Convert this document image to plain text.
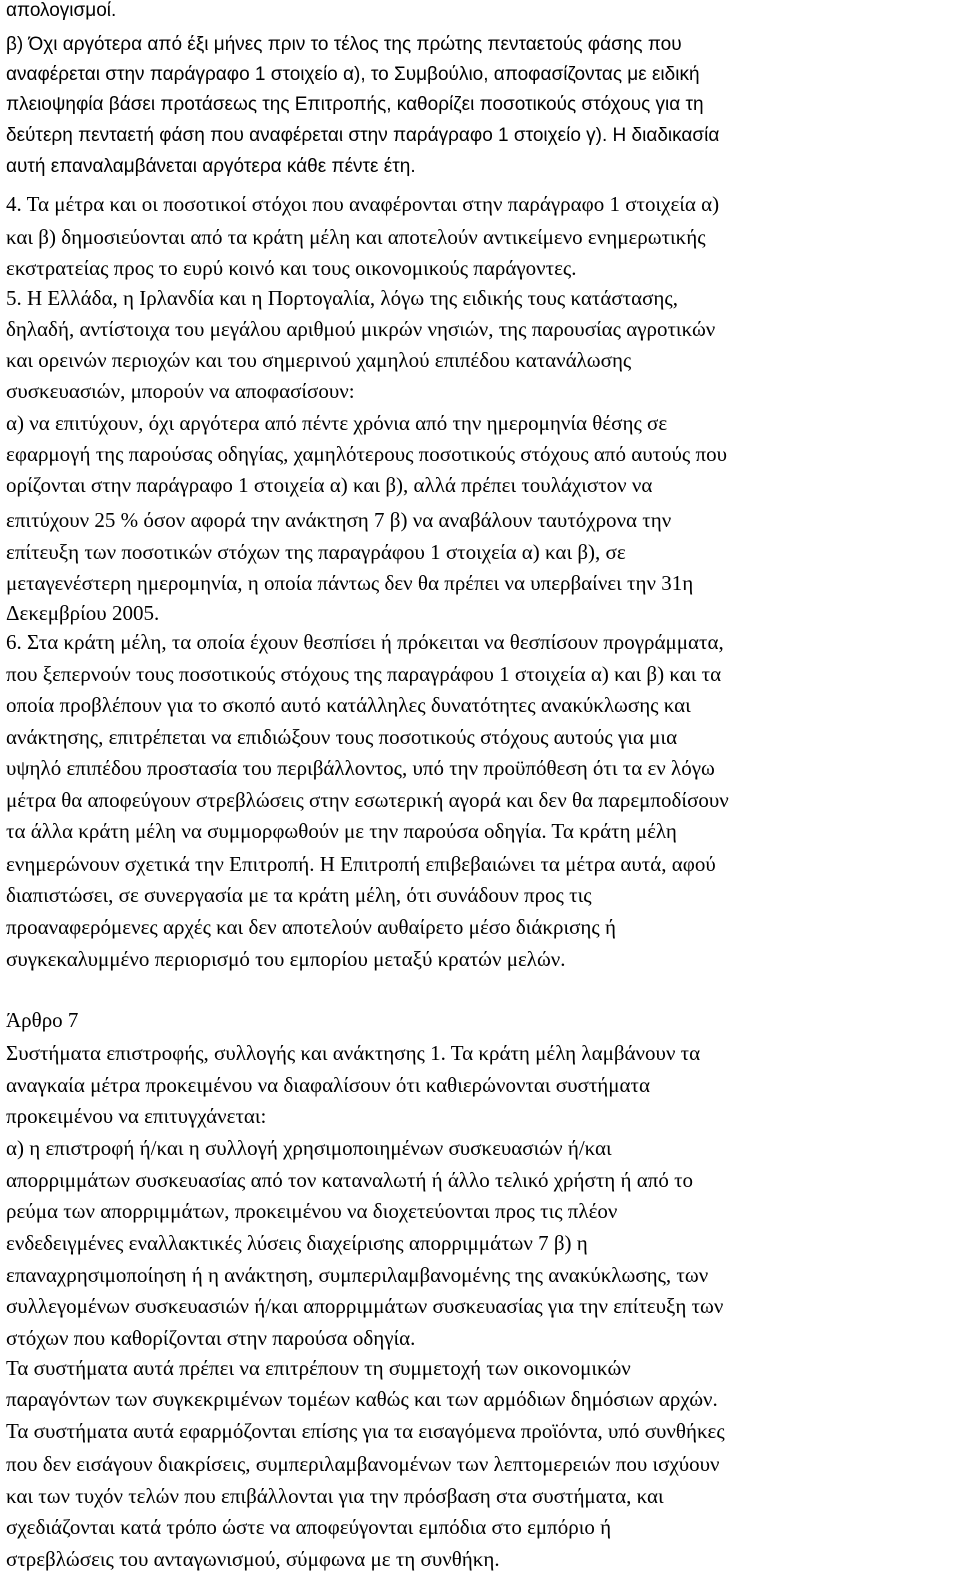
απολογισμοί.
β) Όχι αργότερα από έξι μήνες πριν το τέλος της πρώτης πενταετούς φάσης που
αναφέρεται στην παράγραφο 1 στοιχείο α), το Συμβούλιο, αποφασίζοντας με ειδική
πλειοψηφία βάσει προτάσεως της Επιτροπής, καθορίζει ποσοτικούς στόχους για τη
δεύτερη πενταετή φάση που αναφέρεται στην παράγραφο 1 στοιχείο γ). Η διαδικασία
αυτή επαναλαμβάνεται αργότερα κάθε πέντε έτη.
4. Τα μέτρα και οι ποσοτικοί στόχοι που αναφέρονται στην παράγραφο 1 στοιχεία α)
και β) δημοσιεύονται από τα κράτη μέλη και αποτελούν αντικείμενο ενημερωτικής
εκστρατείας προς το ευρύ κοινό και τους οικονομικούς παράγοντες.
5. Η Ελλάδα, η Ιρλανδία και η Πορτογαλία, λόγω της ειδικής τους κατάστασης,
δηλαδή, αντίστοιχα του μεγάλου αριθμού μικρών νησιών, της παρουσίας αγροτικών
και ορεινών περιοχών και του σημερινού χαμηλού επιπέδου κατανάλωσης
συσκευασιών, μπορούν να αποφασίσουν:
α) να επιτύχουν, όχι αργότερα από πέντε χρόνια από την ημερομηνία θέσης σε
εφαρμογή της παρούσας οδηγίας, χαμηλότερους ποσοτικούς στόχους από αυτούς που
ορίζονται στην παράγραφο 1 στοιχεία α) και β), αλλά πρέπει τουλάχιστον να
επιτύχουν 25 % όσον αφορά την ανάκτηση 7 β) να αναβάλουν ταυτόχρονα την
επίτευξη των ποσοτικών στόχων της παραγράφου 1 στοιχεία α) και β), σε
μεταγενέστερη ημερομηνία, η οποία πάντως δεν θα πρέπει να υπερβαίνει την 31η
Δεκεμβρίου 2005.
6. Στα κράτη μέλη, τα οποία έχουν θεσπίσει ή πρόκειται να θεσπίσουν προγράμματα,
που ξεπερνούν τους ποσοτικούς στόχους της παραγράφου 1 στοιχεία α) και β) και τα
οποία προβλέπουν για το σκοπό αυτό κατάλληλες δυνατότητες ανακύκλωσης και
ανάκτησης, επιτρέπεται να επιδιώξουν τους ποσοτικούς στόχους αυτούς για μια
υψηλό επιπέδου προστασία του περιβάλλοντος, υπό την προϋπόθεση ότι τα εν λόγω
μέτρα θα αποφεύγουν στρεβλώσεις στην εσωτερική αγορά και δεν θα παρεμποδίσουν
τα άλλα κράτη μέλη να συμμορφωθούν με την παρούσα οδηγία. Τα κράτη μέλη
ενημερώνουν σχετικά την Επιτροπή. Η Επιτροπή επιβεβαιώνει τα μέτρα αυτά, αφού
διαπιστώσει, σε συνεργασία με τα κράτη μέλη, ότι συνάδουν προς τις
προαναφερόμενες αρχές και δεν αποτελούν αυθαίρετο μέσο διάκρισης ή
συγκεκαλυμμένο περιορισμό του εμπορίου μεταξύ κρατών μελών.
Άρθρο 7
Συστήματα επιστροφής, συλλογής και ανάκτησης 1. Τα κράτη μέλη λαμβάνουν τα
αναγκαία μέτρα προκειμένου να διαφαλίσουν ότι καθιερώνονται συστήματα
προκειμένου να επιτυγχάνεται:
α) η επιστροφή ή/και η συλλογή χρησιμοποιημένων συσκευασιών ή/και
απορριμμάτων συσκευασίας από τον καταναλωτή ή άλλο τελικό χρήστη ή από το
ρεύμα των απορριμμάτων, προκειμένου να διοχετεύονται προς τις πλέον
ενδεδειγμένες εναλλακτικές λύσεις διαχείρισης απορριμμάτων 7 β) η
επαναχρησιμοποίηση ή η ανάκτηση, συμπεριλαμβανομένης της ανακύκλωσης, των
συλλεγομένων συσκευασιών ή/και απορριμμάτων συσκευασίας για την επίτευξη των
στόχων που καθορίζονται στην παρούσα οδηγία.
Τα συστήματα αυτά πρέπει να επιτρέπουν τη συμμετοχή των οικονομικών
παραγόντων των συγκεκριμένων τομέων καθώς και των αρμόδιων δημόσιων αρχών.
Τα συστήματα αυτά εφαρμόζονται επίσης για τα εισαγόμενα προϊόντα, υπό συνθήκες
που δεν εισάγουν διακρίσεις, συμπεριλαμβανομένων των λεπτομερειών που ισχύουν
και των τυχόν τελών που επιβάλλονται για την πρόσβαση στα συστήματα, και
σχεδιάζονται κατά τρόπο ώστε να αποφεύγονται εμπόδια στο εμπόριο ή
στρεβλώσεις του ανταγωνισμού, σύμφωνα με τη συνθήκη.
